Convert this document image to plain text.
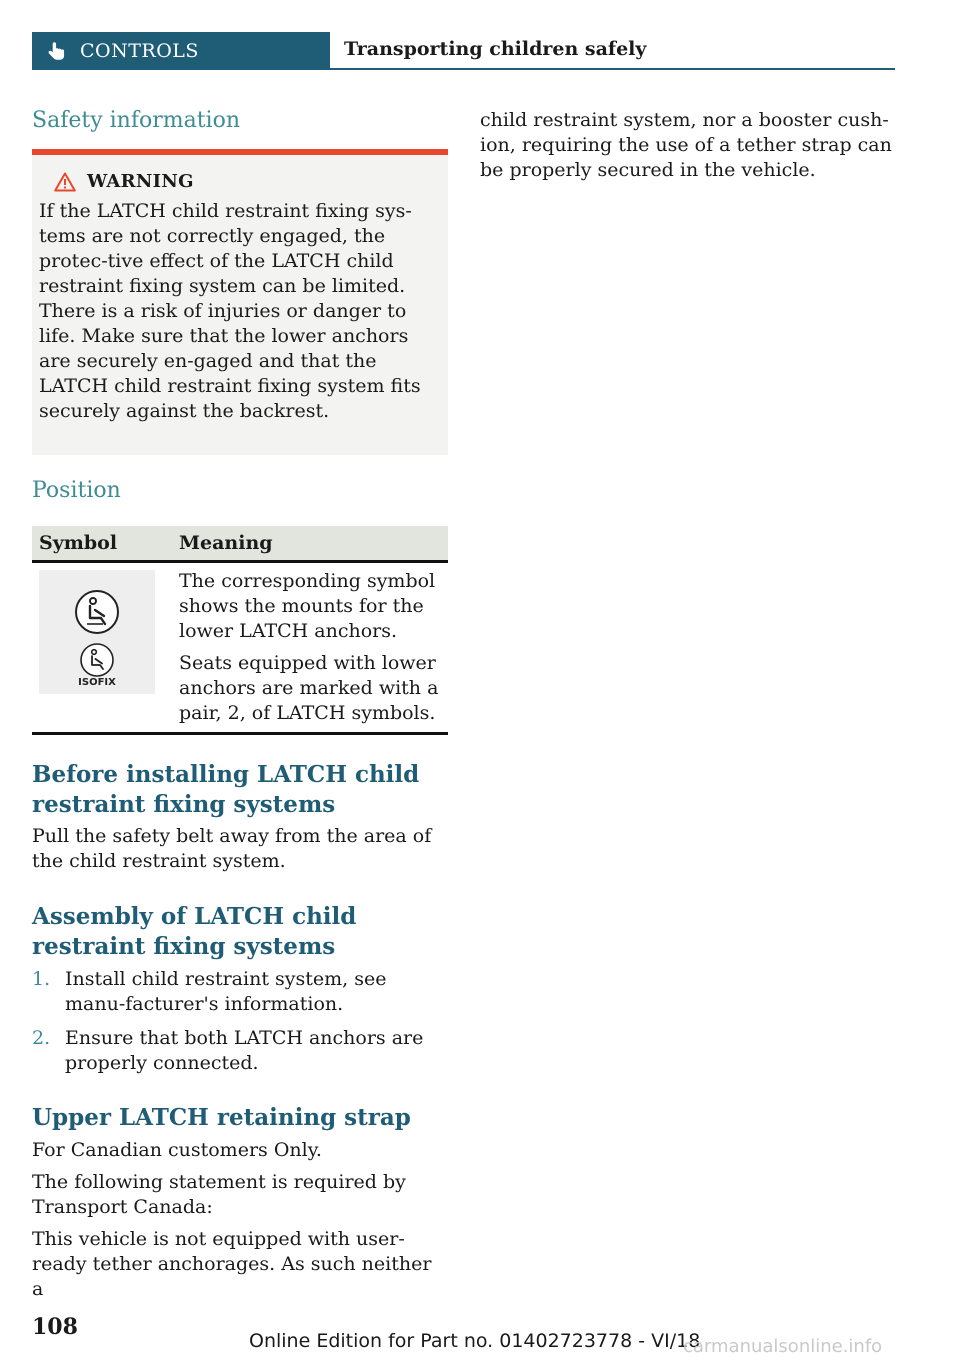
CONTROLS	Transporting children safely
Safety information
WARNING

If the LATCH child restraint fixing sys-tems are not correctly engaged, the protec-tive effect of the LATCH child restraint fixing system can be limited. There is a risk of injuries or danger to life. Make sure that the lower anchors are securely en-gaged and that the LATCH child restraint fixing system fits securely against the backrest.

Position
Symbol	Meaning
ISOFIX

The corresponding symbol shows the mounts for the lower LATCH anchors.

Seats equipped with lower anchors are marked with a pair, 2, of LATCH symbols.

Before installing LATCH child restraint fixing systems

Pull the safety belt away from the area of the child restraint system.

Assembly of LATCH child restraint fixing systems
1. Install child restraint system, see manu-facturer's information.
2. Ensure that both LATCH anchors are properly connected.
Upper LATCH retaining strap

For Canadian customers Only.

The following statement is required by Transport Canada:

This vehicle is not equipped with user-ready tether anchorages. As such neither a

child restraint system, nor a booster cush-ion, requiring the use of a tether strap can be properly secured in the vehicle.

108
Online Edition for Part no. 01402723778 - VI/18
carmanualsonline.info
